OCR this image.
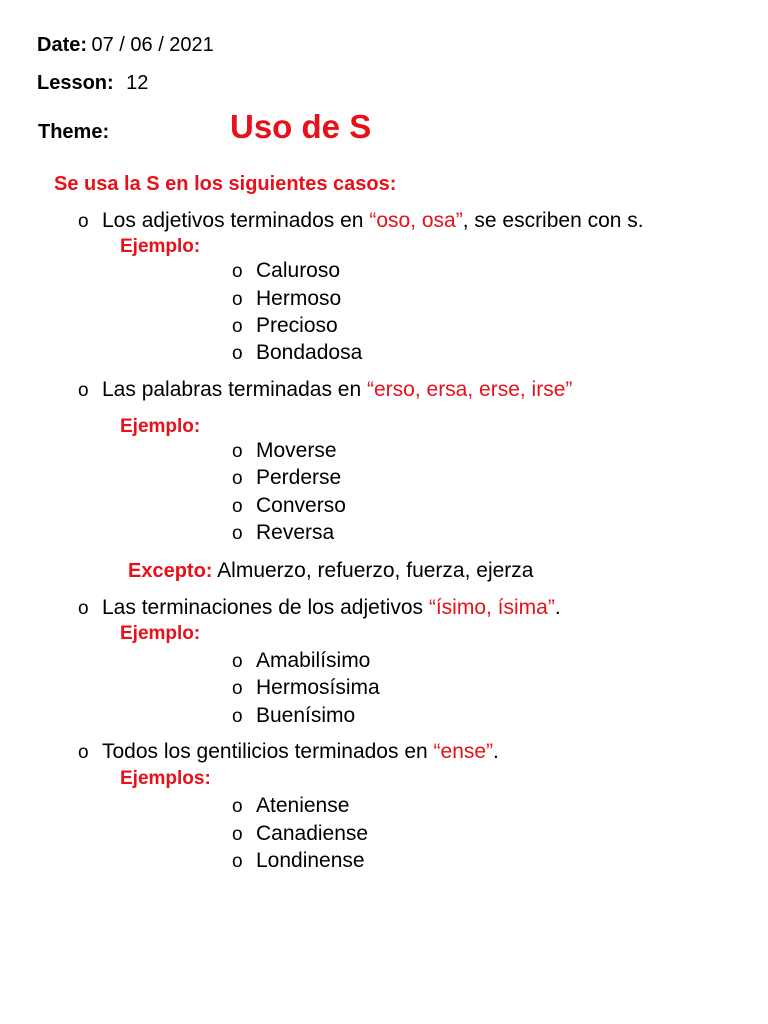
Date: 07 / 06 / 2021
Lesson: 12
Theme:	Uso de S
Se usa la S en los siguientes casos:
o Los adjetivos terminados en “oso, osa”, se escriben con s.
Ejemplo:
o Caluroso
o Hermoso
o Precioso
o Bondadosa
o Las palabras terminadas en “erso, ersa, erse, irse”
Ejemplo:
o Moverse
o Perderse
o Converso
o Reversa
Excepto: Almuerzo, refuerzo, fuerza, ejerza
o Las terminaciones de los adjetivos “ísimo, ísima”.
Ejemplo:
o Amabilísimo
o Hermosísima
o Buenísimo
o Todos los gentilicios terminados en “ense”.
Ejemplos:
o Ateniense
o Canadiense
o Londinense
